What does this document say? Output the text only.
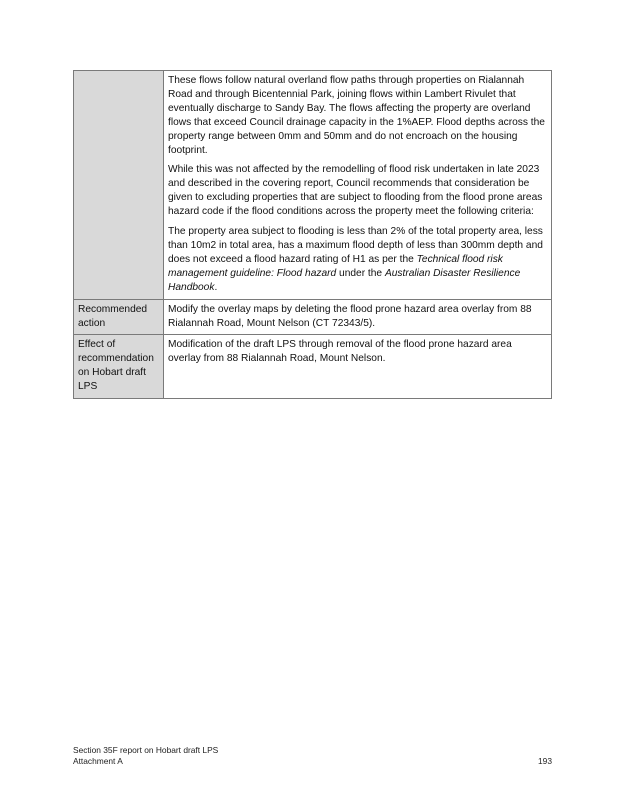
	These flows follow natural overland flow paths through properties on Rialannah Road and through Bicentennial Park, joining flows within Lambert Rivulet that eventually discharge to Sandy Bay. The flows affecting the property are overland flows that exceed Council drainage capacity in the 1%AEP. Flood depths across the property range between 0mm and 50mm and do not encroach on the housing footprint.

While this was not affected by the remodelling of flood risk undertaken in late 2023 and described in the covering report, Council recommends that consideration be given to excluding properties that are subject to flooding from the flood prone areas hazard code if the flood conditions across the property meet the following criteria:

The property area subject to flooding is less than 2% of the total property area, less than 10m2 in total area, has a maximum flood depth of less than 300mm depth and does not exceed a flood hazard rating of H1 as per the Technical flood risk management guideline: Flood hazard under the Australian Disaster Resilience Handbook.

Recommended action	Modify the overlay maps by deleting the flood prone hazard area overlay from 88 Rialannah Road, Mount Nelson (CT 72343/5).
Effect of recommendation on Hobart draft LPS	Modification of the draft LPS through removal of the flood prone hazard area overlay from 88 Rialannah Road, Mount Nelson.
Section 35F report on Hobart draft LPS
Attachment A	193
